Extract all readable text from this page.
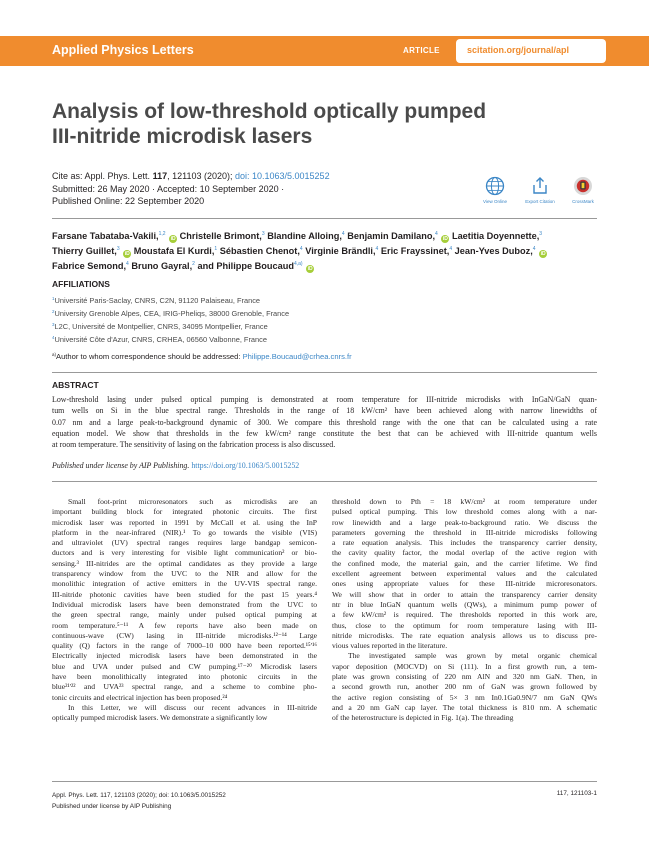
Applied Physics Letters	ARTICLE	scitation.org/journal/apl
Analysis of low-threshold optically pumped
III-nitride microdisk lasers
Cite as: Appl. Phys. Lett. 117, 121103 (2020); doi: 10.1063/5.0015252
Submitted: 26 May 2020 · Accepted: 10 September 2020 ·
Published Online: 22 September 2020	View Online	Export Citation	CrossMark
Farsane Tabataba-Vakili,$^{1,2}$ iD Christelle Brimont,$^3$ Blandine Alloing,$^4$ Benjamin Damilano,$^4$ iD Laetitia Doyennette,$^3$
Thierry Guillet,$^3$ iD Moustafa El Kurdi,$^1$ Sébastien Chenot,$^4$ Virginie Brändli,$^4$ Eric Frayssinet,$^4$ Jean-Yves Duboz,$^4$ iD
Fabrice Semond,$^4$ Bruno Gayral,$^2$ and Philippe Boucaud$^{4,a)}$ iD
AFFILIATIONS
$^1$Université Paris-Saclay, CNRS, C2N, 91120 Palaiseau, France
$^2$University Grenoble Alpes, CEA, IRIG-Pheliqs, 38000 Grenoble, France
$^3$L2C, Université de Montpellier, CNRS, 34095 Montpellier, France
$^4$Université Côte d'Azur, CNRS, CRHEA, 06560 Valbonne, France
$^{a)}$Author to whom correspondence should be addressed: Philippe.Boucaud@crhea.cnrs.fr
ABSTRACT
Low-threshold lasing under pulsed optical pumping is demonstrated at room temperature for III-nitride microdisks with InGaN/GaN quan-
tum wells on Si in the blue spectral range. Thresholds in the range of 18 kW/cm² have been achieved along with narrow linewidths of
0.07 nm and a large peak-to-background dynamic of 300. We compare this threshold range with the one that can be calculated using a rate
equation model. We show that thresholds in the few kW/cm² range constitute the best that can be achieved with III-nitride quantum wells
at room temperature. The sensitivity of lasing on the fabrication process is also discussed.
Published under license by AIP Publishing. https://doi.org/10.1063/5.0015252
Small foot-print microresonators such as microdisks are an
important building block for integrated photonic circuits. The first
microdisk laser was reported in 1991 by McCall et al. using the InP
platform in the near-infrared (NIR).¹ To go towards the visible (VIS)
and ultraviolet (UV) spectral ranges requires large bandgap semicon-
ductors and is very interesting for visible light communication² or bio-
sensing.³ III-nitrides are the optimal candidates as they provide a large
transparency window from the UVC to the NIR and allow for the
monolithic integration of active emitters in the UV-VIS spectral range.
III-nitride photonic cavities have been studied for the past 15 years.⁴
Individual microdisk lasers have been demonstrated from the UVC to
the green spectral range, mainly under pulsed optical pumping at
room temperature.⁵⁻¹¹ A few reports have also been made on
continuous-wave (CW) lasing in III-nitride microdisks.¹²⁻¹⁴ Large
quality (Q) factors in the range of 7000–10 000 have been reported.¹⁵'¹⁶
Electrically injected microdisk lasers have been demonstrated in the
blue and UVA under pulsed and CW pumping.¹⁷⁻²⁰ Microdisk lasers
have been monolithically integrated into photonic circuits in the
blue²¹'²² and UVA²³ spectral range, and a scheme to combine pho-
tonic circuits and electrical injection has been proposed.²⁴
In this Letter, we will discuss our recent advances in III-nitride
optically pumped microdisk lasers. We demonstrate a significantly low
threshold down to Pth = 18 kW/cm² at room temperature under
pulsed optical pumping. This low threshold comes along with a nar-
row linewidth and a large peak-to-background ratio. We discuss the
parameters governing the threshold in III-nitride microdisks following
a rate equation analysis. This includes the transparency carrier density,
the cavity quality factor, the modal overlap of the active region with
the confined mode, the material gain, and the carrier lifetime. We find
excellent agreement between experimental values and the calculated
ones using appropriate values for these III-nitride microresonators.
We will show that in order to attain the transparency carrier density
ntr in blue InGaN quantum wells (QWs), a minimum pump power of
a few kW/cm² is required. The thresholds reported in this work are,
thus, close to the optimum for room temperature lasing with III-
nitride microdisks. The rate equation analysis allows us to discuss pre-
vious values reported in the literature.
The investigated sample was grown by metal organic chemical
vapor deposition (MOCVD) on Si (111). In a first growth run, a tem-
plate was grown consisting of 220 nm AlN and 320 nm GaN. Then, in
a second growth run, another 200 nm of GaN was grown followed by
the active region consisting of 5× 3 nm In0.1Ga0.9N/7 nm GaN QWs
and a 20 nm GaN cap layer. The total thickness is 810 nm. A schematic
of the heterostructure is depicted in Fig. 1(a). The threading
Appl. Phys. Lett. 117, 121103 (2020); doi: 10.1063/5.0015252
Published under license by AIP Publishing
117, 121103-1
